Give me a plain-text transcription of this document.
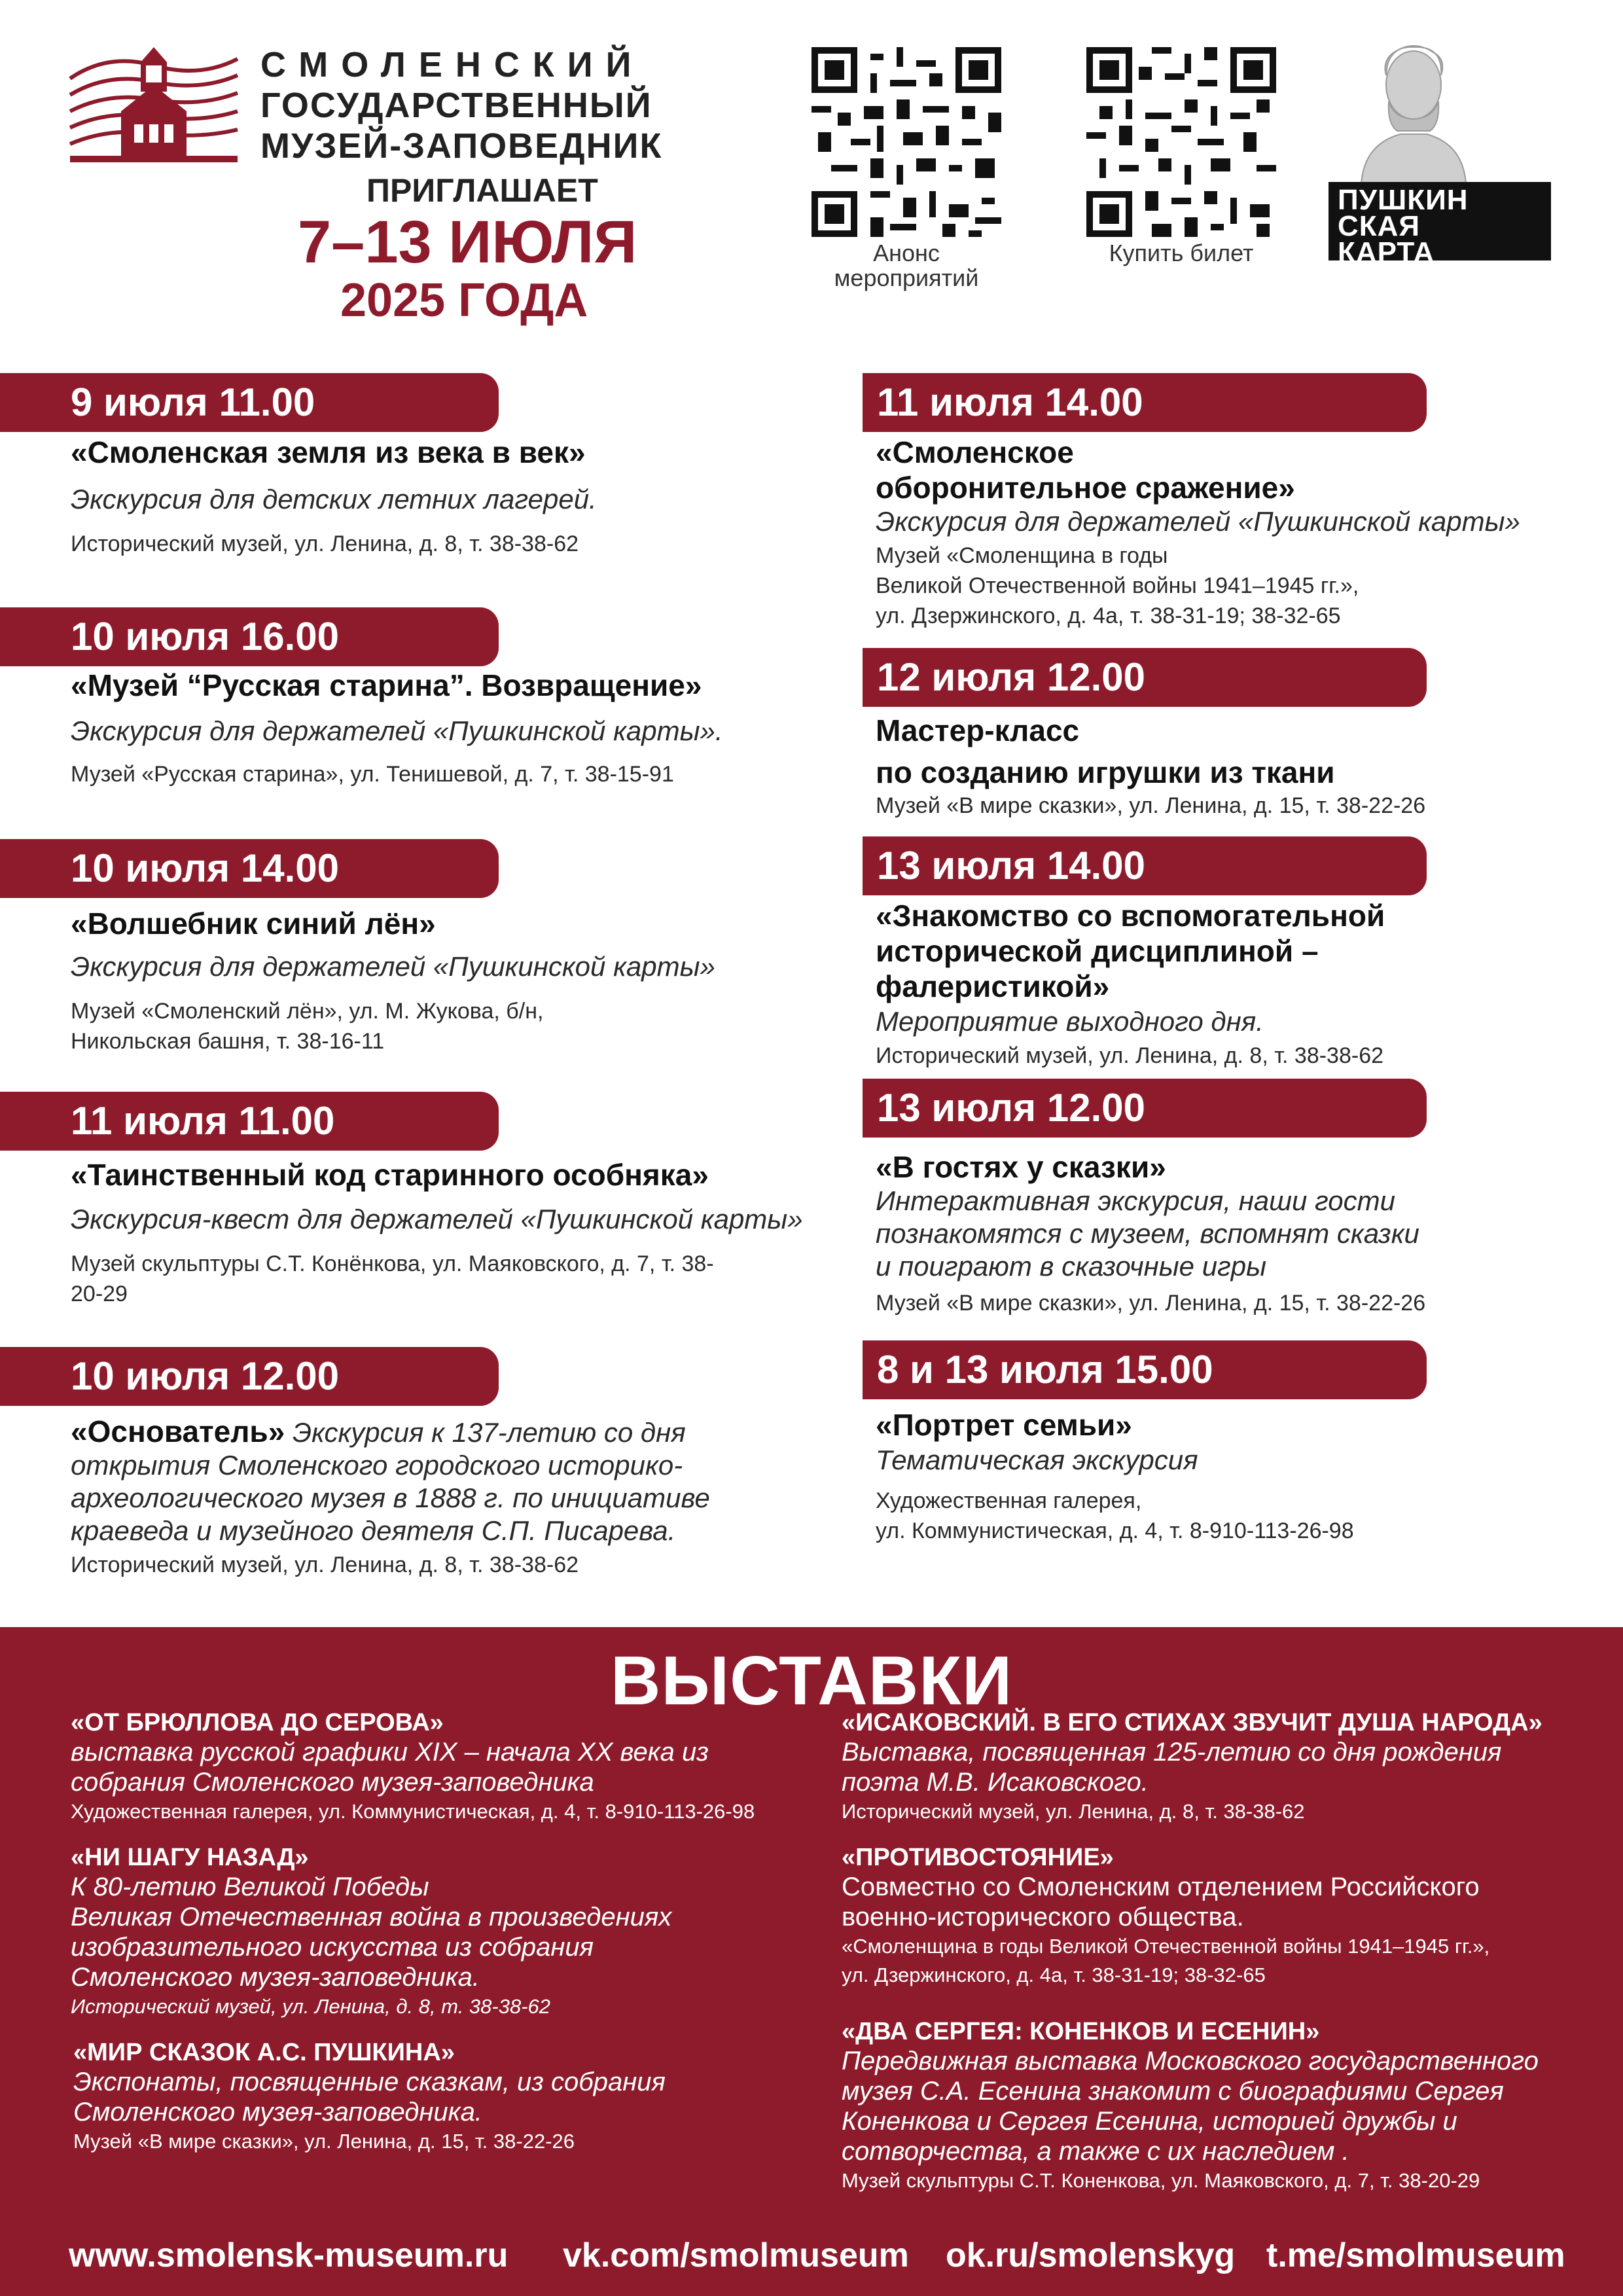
СМОЛЕНСКИЙ
ГОСУДАРСТВЕННЫЙ
МУЗЕЙ-ЗАПОВЕДНИК
ПРИГЛАШАЕТ
7–13 ИЮЛЯ
2025 ГОДА
Анонс
мероприятий
Купить билет
ПУШКИН
СКАЯ
КАРТА
9 июля 11.00
«Смоленская земля из века в век»
Экскурсия для детских летних лагерей.
Исторический музей, ул. Ленина, д. 8, т. 38-38-62
10 июля 16.00
«Музей “Русская старина”. Возвращение»
Экскурсия для держателей «Пушкинской карты».
Музей «Русская старина», ул. Тенишевой, д. 7, т. 38-15-91
10 июля 14.00
«Волшебник синий лён»
Экскурсия для держателей «Пушкинской карты»
Музей «Смоленский лён», ул. М. Жукова, б/н,
Никольская башня, т. 38-16-11
11 июля 11.00
«Таинственный код старинного особняка»
Экскурсия-квест для держателей «Пушкинской карты»
Музей скульптуры С.Т. Конёнкова, ул. Маяковского, д. 7, т. 38-
20-29
10 июля 12.00
«Основатель» Экскурсия к 137-летию со дня
открытия Смоленского городского историко-
археологического музея в 1888 г. по инициативе
краеведа и музейного деятеля С.П. Писарева.
Исторический музей, ул. Ленина, д. 8, т. 38-38-62
11 июля 14.00
«Смоленское
оборонительное сражение»
Экскурсия для держателей «Пушкинской карты»
Музей «Смоленщина в годы
Великой Отечественной войны 1941–1945 гг.»,
ул. Дзержинского, д. 4а, т. 38-31-19; 38-32-65
12 июля 12.00
Мастер-класс
по созданию игрушки из ткани
Музей «В мире сказки», ул. Ленина, д. 15, т. 38-22-26
13 июля 14.00
«Знакомство со вспомогательной
исторической дисциплиной –
фалеристикой»
Мероприятие выходного дня.
Исторический музей, ул. Ленина, д. 8, т. 38-38-62
13 июля 12.00
«В гостях у сказки»
Интерактивная экскурсия, наши гости
познакомятся с музеем, вспомнят сказки
и поиграют в сказочные игры
Музей «В мире сказки», ул. Ленина, д. 15, т. 38-22-26
8 и 13 июля 15.00
«Портрет семьи»
Тематическая экскурсия
Художественная галерея,
ул. Коммунистическая, д. 4, т. 8-910-113-26-98
ВЫСТАВКИ
«ОТ БРЮЛЛОВА ДО СЕРОВА»
выставка русской графики XIX – начала XX века из
собрания Смоленского музея-заповедника
Художественная галерея, ул. Коммунистическая, д. 4, т. 8-910-113-26-98
«НИ ШАГУ НАЗАД»
К 80-летию Великой Победы
Великая Отечественная война в произведениях
изобразительного искусства из собрания
Смоленского музея-заповедника.
Исторический музей, ул. Ленина, д. 8, т. 38-38-62
«МИР СКАЗОК А.С. ПУШКИНА»
Экспонаты, посвященные сказкам, из собрания
Смоленского музея-заповедника.
Музей «В мире сказки», ул. Ленина, д. 15, т. 38-22-26
«ИСАКОВСКИЙ. В ЕГО СТИХАХ ЗВУЧИТ ДУША НАРОДА»
Выставка, посвященная 125-летию со дня рождения
поэта М.В. Исаковского.
Исторический музей, ул. Ленина, д. 8, т. 38-38-62
«ПРОТИВОСТОЯНИЕ»
Совместно со Смоленским отделением Российского
военно-исторического общества.
«Смоленщина в годы Великой Отечественной войны 1941–1945 гг.»,
ул. Дзержинского, д. 4а, т. 38-31-19; 38-32-65
«ДВА СЕРГЕЯ: КОНЕНКОВ И ЕСЕНИН»
Передвижная выставка Московского государственного
музея С.А. Есенина знакомит с биографиями Сергея
Коненкова и Сергея Есенина, историей дружбы и
сотворчества, а также с их наследием .
Музей скульптуры С.Т. Коненкова, ул. Маяковского, д. 7, т. 38-20-29
www.smolensk-museum.ru vk.com/smolmuseum ok.ru/smolenskyg t.me/smolmuseum
